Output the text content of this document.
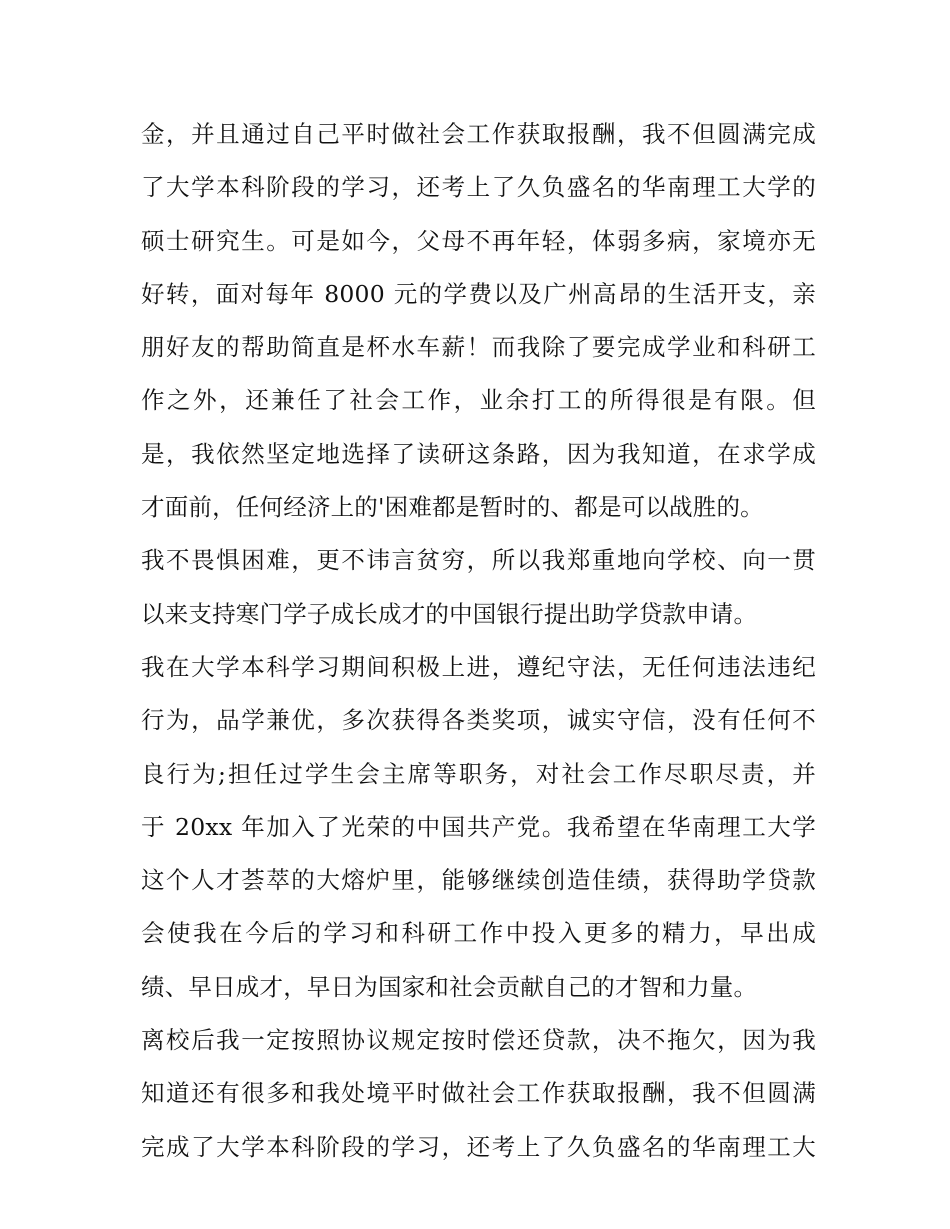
金，并且通过自己平时做社会工作获取报酬，我不但圆满完成
了大学本科阶段的学习，还考上了久负盛名的华南理工大学的
硕士研究生。可是如今，父母不再年轻，体弱多病，家境亦无
好转，面对每年 8000 元的学费以及广州高昂的生活开支，亲
朋好友的帮助简直是杯水车薪！而我除了要完成学业和科研工
作之外，还兼任了社会工作，业余打工的所得很是有限。但
是，我依然坚定地选择了读研这条路，因为我知道，在求学成
才面前，任何经济上的'困难都是暂时的、都是可以战胜的。
我不畏惧困难，更不讳言贫穷，所以我郑重地向学校、向一贯
以来支持寒门学子成长成才的中国银行提出助学贷款申请。
我在大学本科学习期间积极上进，遵纪守法，无任何违法违纪
行为，品学兼优，多次获得各类奖项，诚实守信，没有任何不
良行为;担任过学生会主席等职务，对社会工作尽职尽责，并
于 20xx 年加入了光荣的中国共产党。我希望在华南理工大学
这个人才荟萃的大熔炉里，能够继续创造佳绩，获得助学贷款
会使我在今后的学习和科研工作中投入更多的精力，早出成
绩、早日成才，早日为国家和社会贡献自己的才智和力量。
离校后我一定按照协议规定按时偿还贷款，决不拖欠，因为我
知道还有很多和我处境平时做社会工作获取报酬，我不但圆满
完成了大学本科阶段的学习，还考上了久负盛名的华南理工大
